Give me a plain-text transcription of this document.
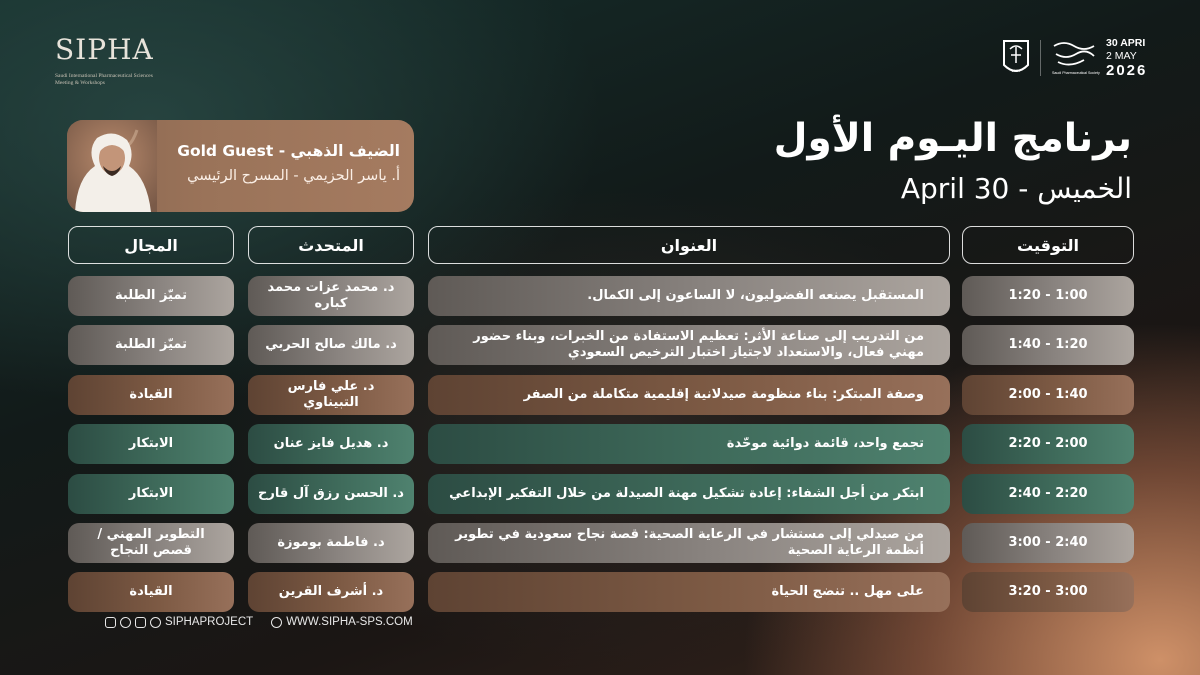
SIPHA
Saudi International Pharmaceutical Sciences
Meeting & Workshops
1957	Saudi Pharmaceutical Society
30 APRI
2 MAY
2026
الضيف الذهبي - Gold Guest
أ. ياسر الحزيمي - المسرح الرئيسي
برنامج اليـوم الأول
الخميس - April 30
التوقيت
العنوان
المتحدث
المجال
1:00 - 1:20
المستقبل يصنعه الفضوليون، لا الساعون إلى الكمال.
د. محمد عزات محمد كباره
تميّز الطلبة
1:20 - 1:40
من التدريب إلى صناعة الأثر: تعظيم الاستفادة من الخبرات، وبناء حضور مهني فعال، والاستعداد لاجتياز اختبار الترخيص السعودي
د. مالك صالح الحربي
تميّز الطلبة
1:40 - 2:00
وصفة المبتكر: بناء منظومة صيدلانية إقليمية متكاملة من الصفر
د. علي فارس التبيناوي
القيادة
2:00 - 2:20
تجمع واحد، قائمة دوائية موحّدة
د. هديل فايز عنان
الابتكار
2:20 - 2:40
ابتكر من أجل الشفاء: إعادة تشكيل مهنة الصيدلة من خلال التفكير الإبداعي
د. الحسن رزق آل قارح
الابتكار
2:40 - 3:00
من صيدلي إلى مستشار في الرعاية الصحية: قصة نجاح سعودية في تطوير أنظمة الرعاية الصحية
د. فاطمة بوموزة
التطوير المهني / قصص النجاح
3:00 - 3:20
على مهل .. تنضج الحياة
د. أشرف القرين
القيادة
SIPHAPROJECT	WWW.SIPHA-SPS.COM
